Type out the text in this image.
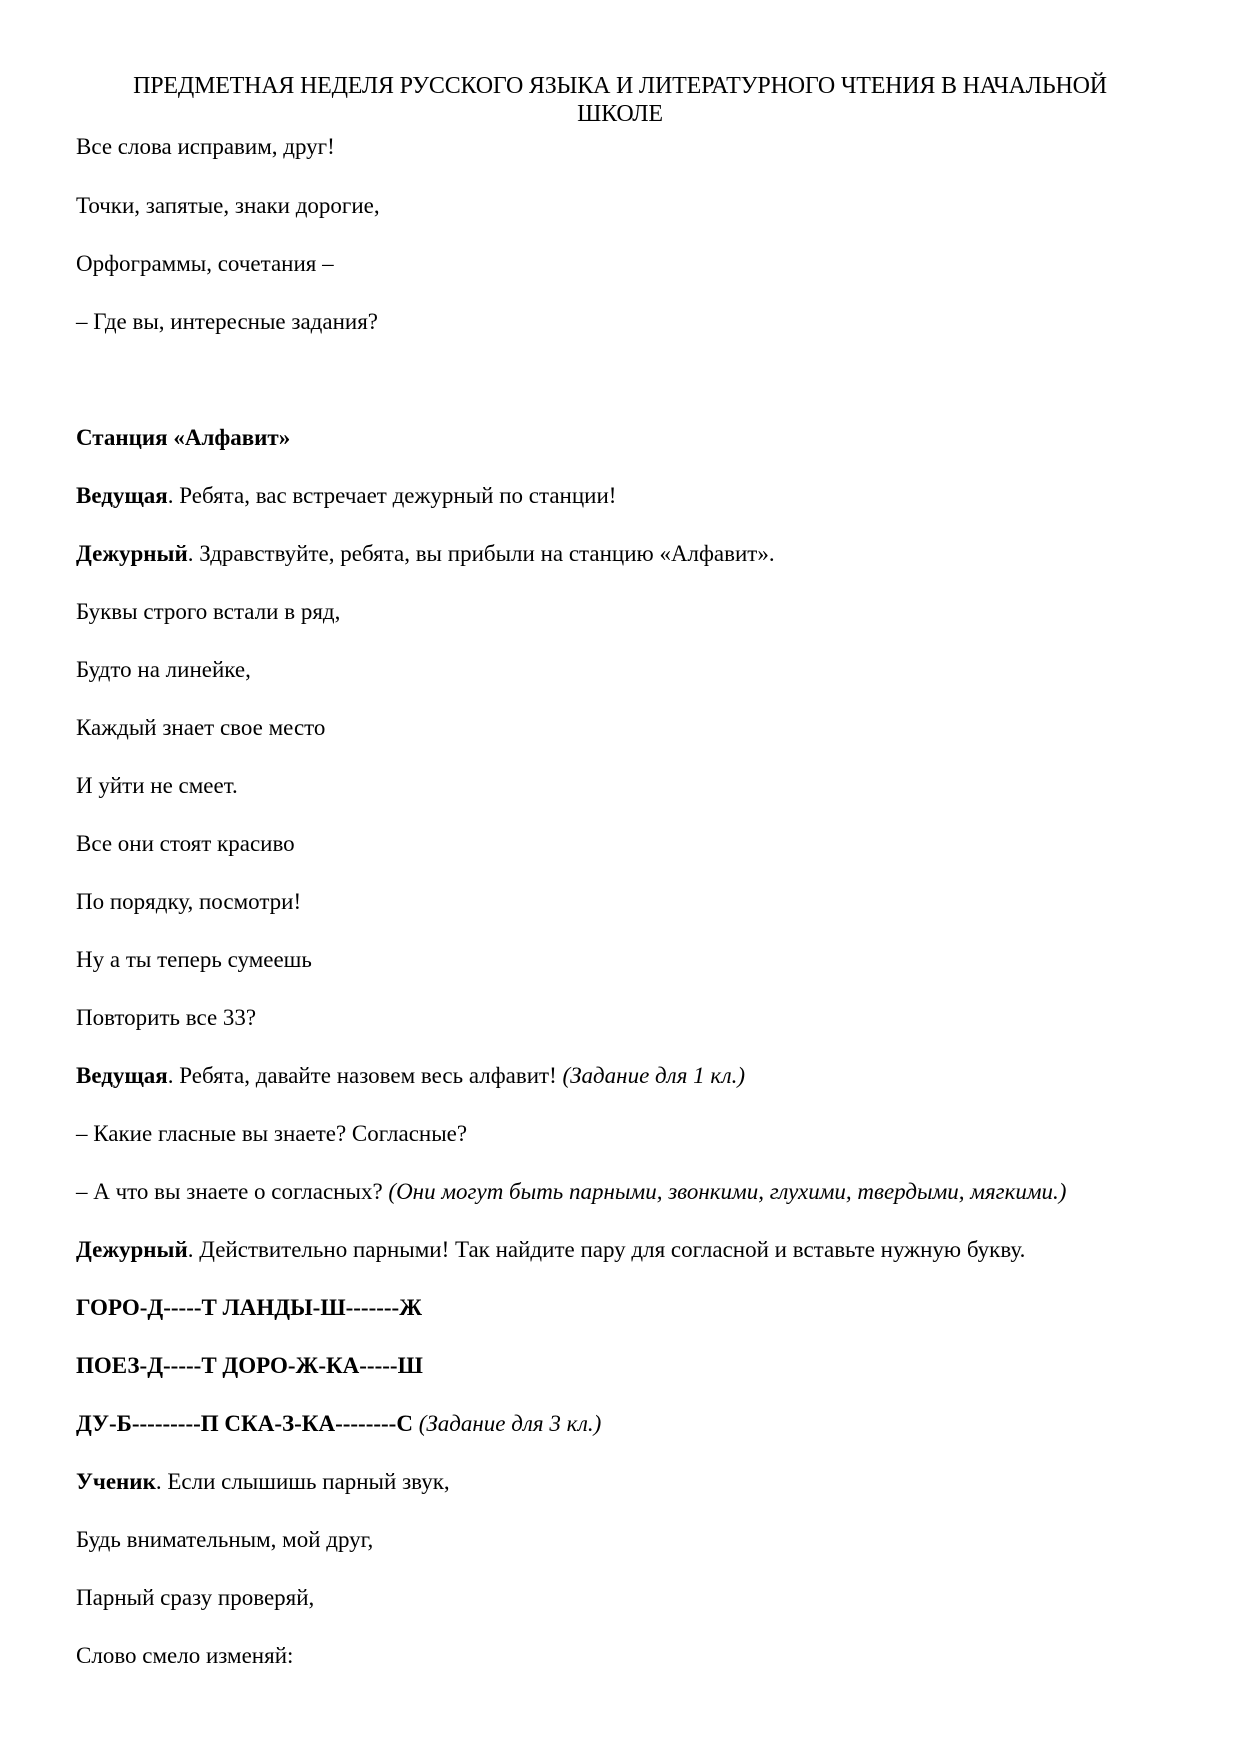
ПРЕДМЕТНАЯ НЕДЕЛЯ РУССКОГО ЯЗЫКА И ЛИТЕРАТУРНОГО ЧТЕНИЯ В НАЧАЛЬНОЙ ШКОЛЕ
Все слова исправим, друг!
Точки, запятые, знаки дорогие,
Орфограммы, сочетания –
– Где вы, интересные задания?
Станция «Алфавит»
Ведущая. Ребята, вас встречает дежурный по станции!
Дежурный. Здравствуйте, ребята, вы прибыли на станцию «Алфавит».
Буквы строго встали в ряд,
Будто на линейке,
Каждый знает свое место
И уйти не смеет.
Все они стоят красиво
По порядку, посмотри!
Ну а ты теперь сумеешь
Повторить все 33?
Ведущая. Ребята, давайте назовем весь алфавит! (Задание для 1 кл.)
– Какие гласные вы знаете? Согласные?
– А что вы знаете о согласных? (Они могут быть парными, звонкими, глухими, твердыми, мягкими.)
Дежурный. Действительно парными! Так найдите пару для согласной и вставьте нужную букву.
ГОРО-Д-----Т ЛАНДЫ-Ш-------Ж
ПОЕЗ-Д-----Т ДОРО-Ж-КА-----Ш
ДУ-Б---------П СКА-З-КА--------С (Задание для 3 кл.)
Ученик. Если слышишь парный звук,
Будь внимательным, мой друг,
Парный сразу проверяй,
Слово смело изменяй:
